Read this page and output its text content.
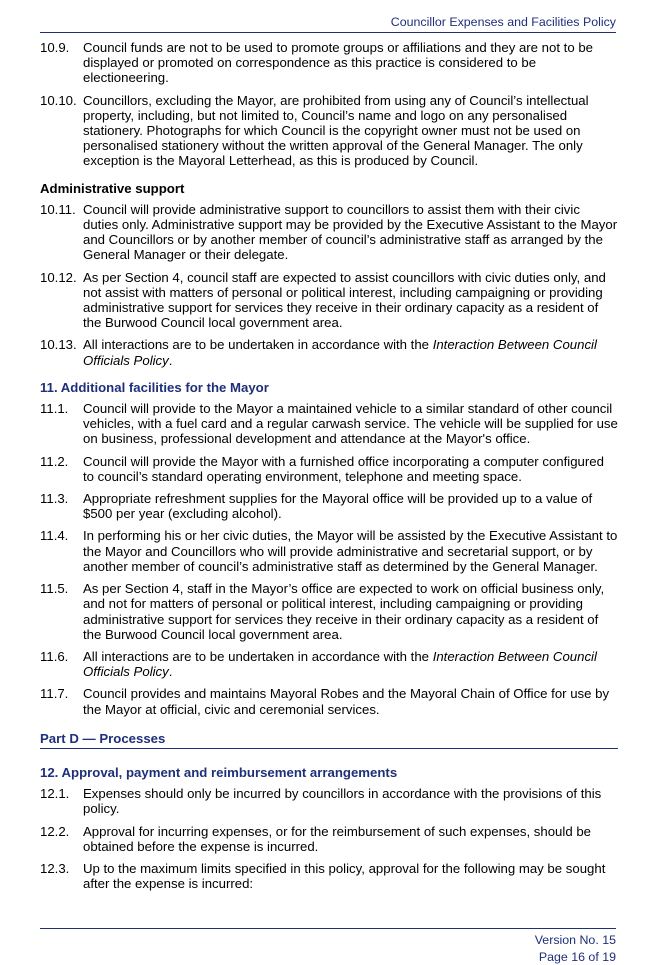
Councillor Expenses and Facilities Policy
10.9.	Council funds are not to be used to promote groups or affiliations and they are not to be displayed or promoted on correspondence as this practice is considered to be electioneering.
10.10. Councillors, excluding the Mayor, are prohibited from using any of Council’s intellectual property, including, but not limited to, Council’s name and logo on any personalised stationery. Photographs for which Council is the copyright owner must not be used on personalised stationery without the written approval of the General Manager. The only exception is the Mayoral Letterhead, as this is produced by Council.
Administrative support
10.11. Council will provide administrative support to councillors to assist them with their civic duties only. Administrative support may be provided by the Executive Assistant to the Mayor and Councillors or by another member of council’s administrative staff as arranged by the General Manager or their delegate.
10.12. As per Section 4, council staff are expected to assist councillors with civic duties only, and not assist with matters of personal or political interest, including campaigning or providing administrative support for services they receive in their ordinary capacity as a resident of the Burwood Council local government area.
10.13. All interactions are to be undertaken in accordance with the Interaction Between Council Officials Policy.
11. Additional facilities for the Mayor
11.1.	Council will provide to the Mayor a maintained vehicle to a similar standard of other council vehicles, with a fuel card and a regular carwash service. The vehicle will be supplied for use on business, professional development and attendance at the Mayor's office.
11.2.	Council will provide the Mayor with a furnished office incorporating a computer configured to council’s standard operating environment, telephone and meeting space.
11.3.	Appropriate refreshment supplies for the Mayoral office will be provided up to a value of $500 per year (excluding alcohol).
11.4.	In performing his or her civic duties, the Mayor will be assisted by the Executive Assistant to the Mayor and Councillors who will provide administrative and secretarial support, or by another member of council’s administrative staff as determined by the General Manager.
11.5.	As per Section 4, staff in the Mayor’s office are expected to work on official business only, and not for matters of personal or political interest, including campaigning or providing administrative support for services they receive in their ordinary capacity as a resident of the Burwood Council local government area.
11.6.	All interactions are to be undertaken in accordance with the Interaction Between Council Officials Policy.
11.7.	Council provides and maintains Mayoral Robes and the Mayoral Chain of Office for use by the Mayor at official, civic and ceremonial services.
Part D — Processes
12. Approval, payment and reimbursement arrangements
12.1.	Expenses should only be incurred by councillors in accordance with the provisions of this policy.
12.2.	Approval for incurring expenses, or for the reimbursement of such expenses, should be obtained before the expense is incurred.
12.3.	Up to the maximum limits specified in this policy, approval for the following may be sought after the expense is incurred:
Version No. 15
Page 16 of 19
